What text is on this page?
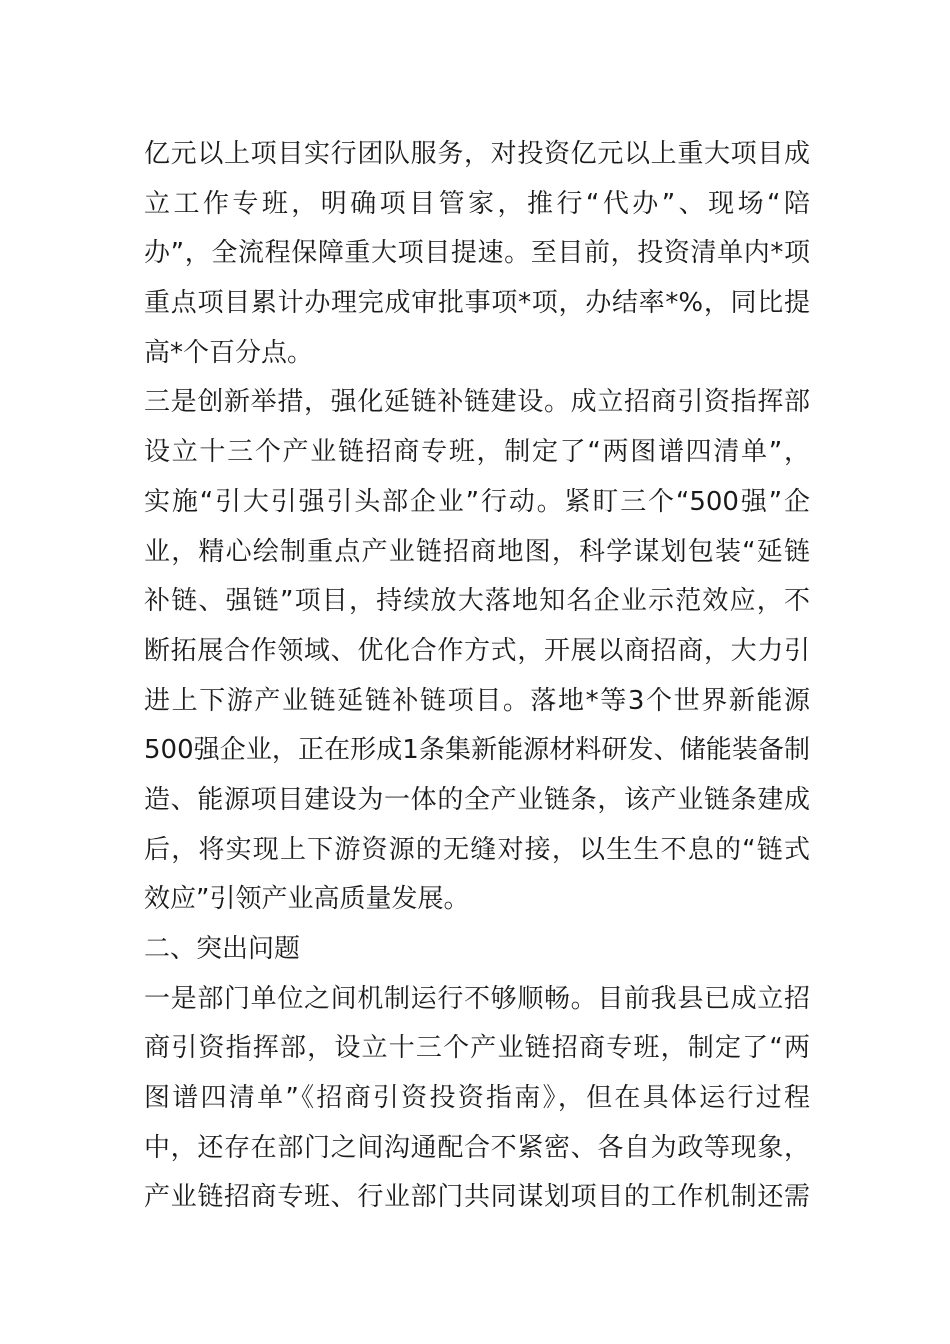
亿元以上项目实行团队服务，对投资亿元以上重大项目成
立工作专班，明确项目管家，推行“代办”、现场“陪
办”，全流程保障重大项目提速。至目前，投资清单内*项
重点项目累计办理完成审批事项*项，办结率*%，同比提
高*个百分点。
三是创新举措，强化延链补链建设。成立招商引资指挥部
设立十三个产业链招商专班，制定了“两图谱四清单”，
实施“引大引强引头部企业”行动。紧盯三个“500强”企
业，精心绘制重点产业链招商地图，科学谋划包装“延链
补链、强链”项目，持续放大落地知名企业示范效应，不
断拓展合作领域、优化合作方式，开展以商招商，大力引
进上下游产业链延链补链项目。落地*等3个世界新能源
500强企业，正在形成1条集新能源材料研发、储能装备制
造、能源项目建设为一体的全产业链条，该产业链条建成
后，将实现上下游资源的无缝对接，以生生不息的“链式
效应”引领产业高质量发展。
二、突出问题
一是部门单位之间机制运行不够顺畅。目前我县已成立招
商引资指挥部，设立十三个产业链招商专班，制定了“两
图谱四清单”《招商引资投资指南》，但在具体运行过程
中，还存在部门之间沟通配合不紧密、各自为政等现象，
产业链招商专班、行业部门共同谋划项目的工作机制还需
